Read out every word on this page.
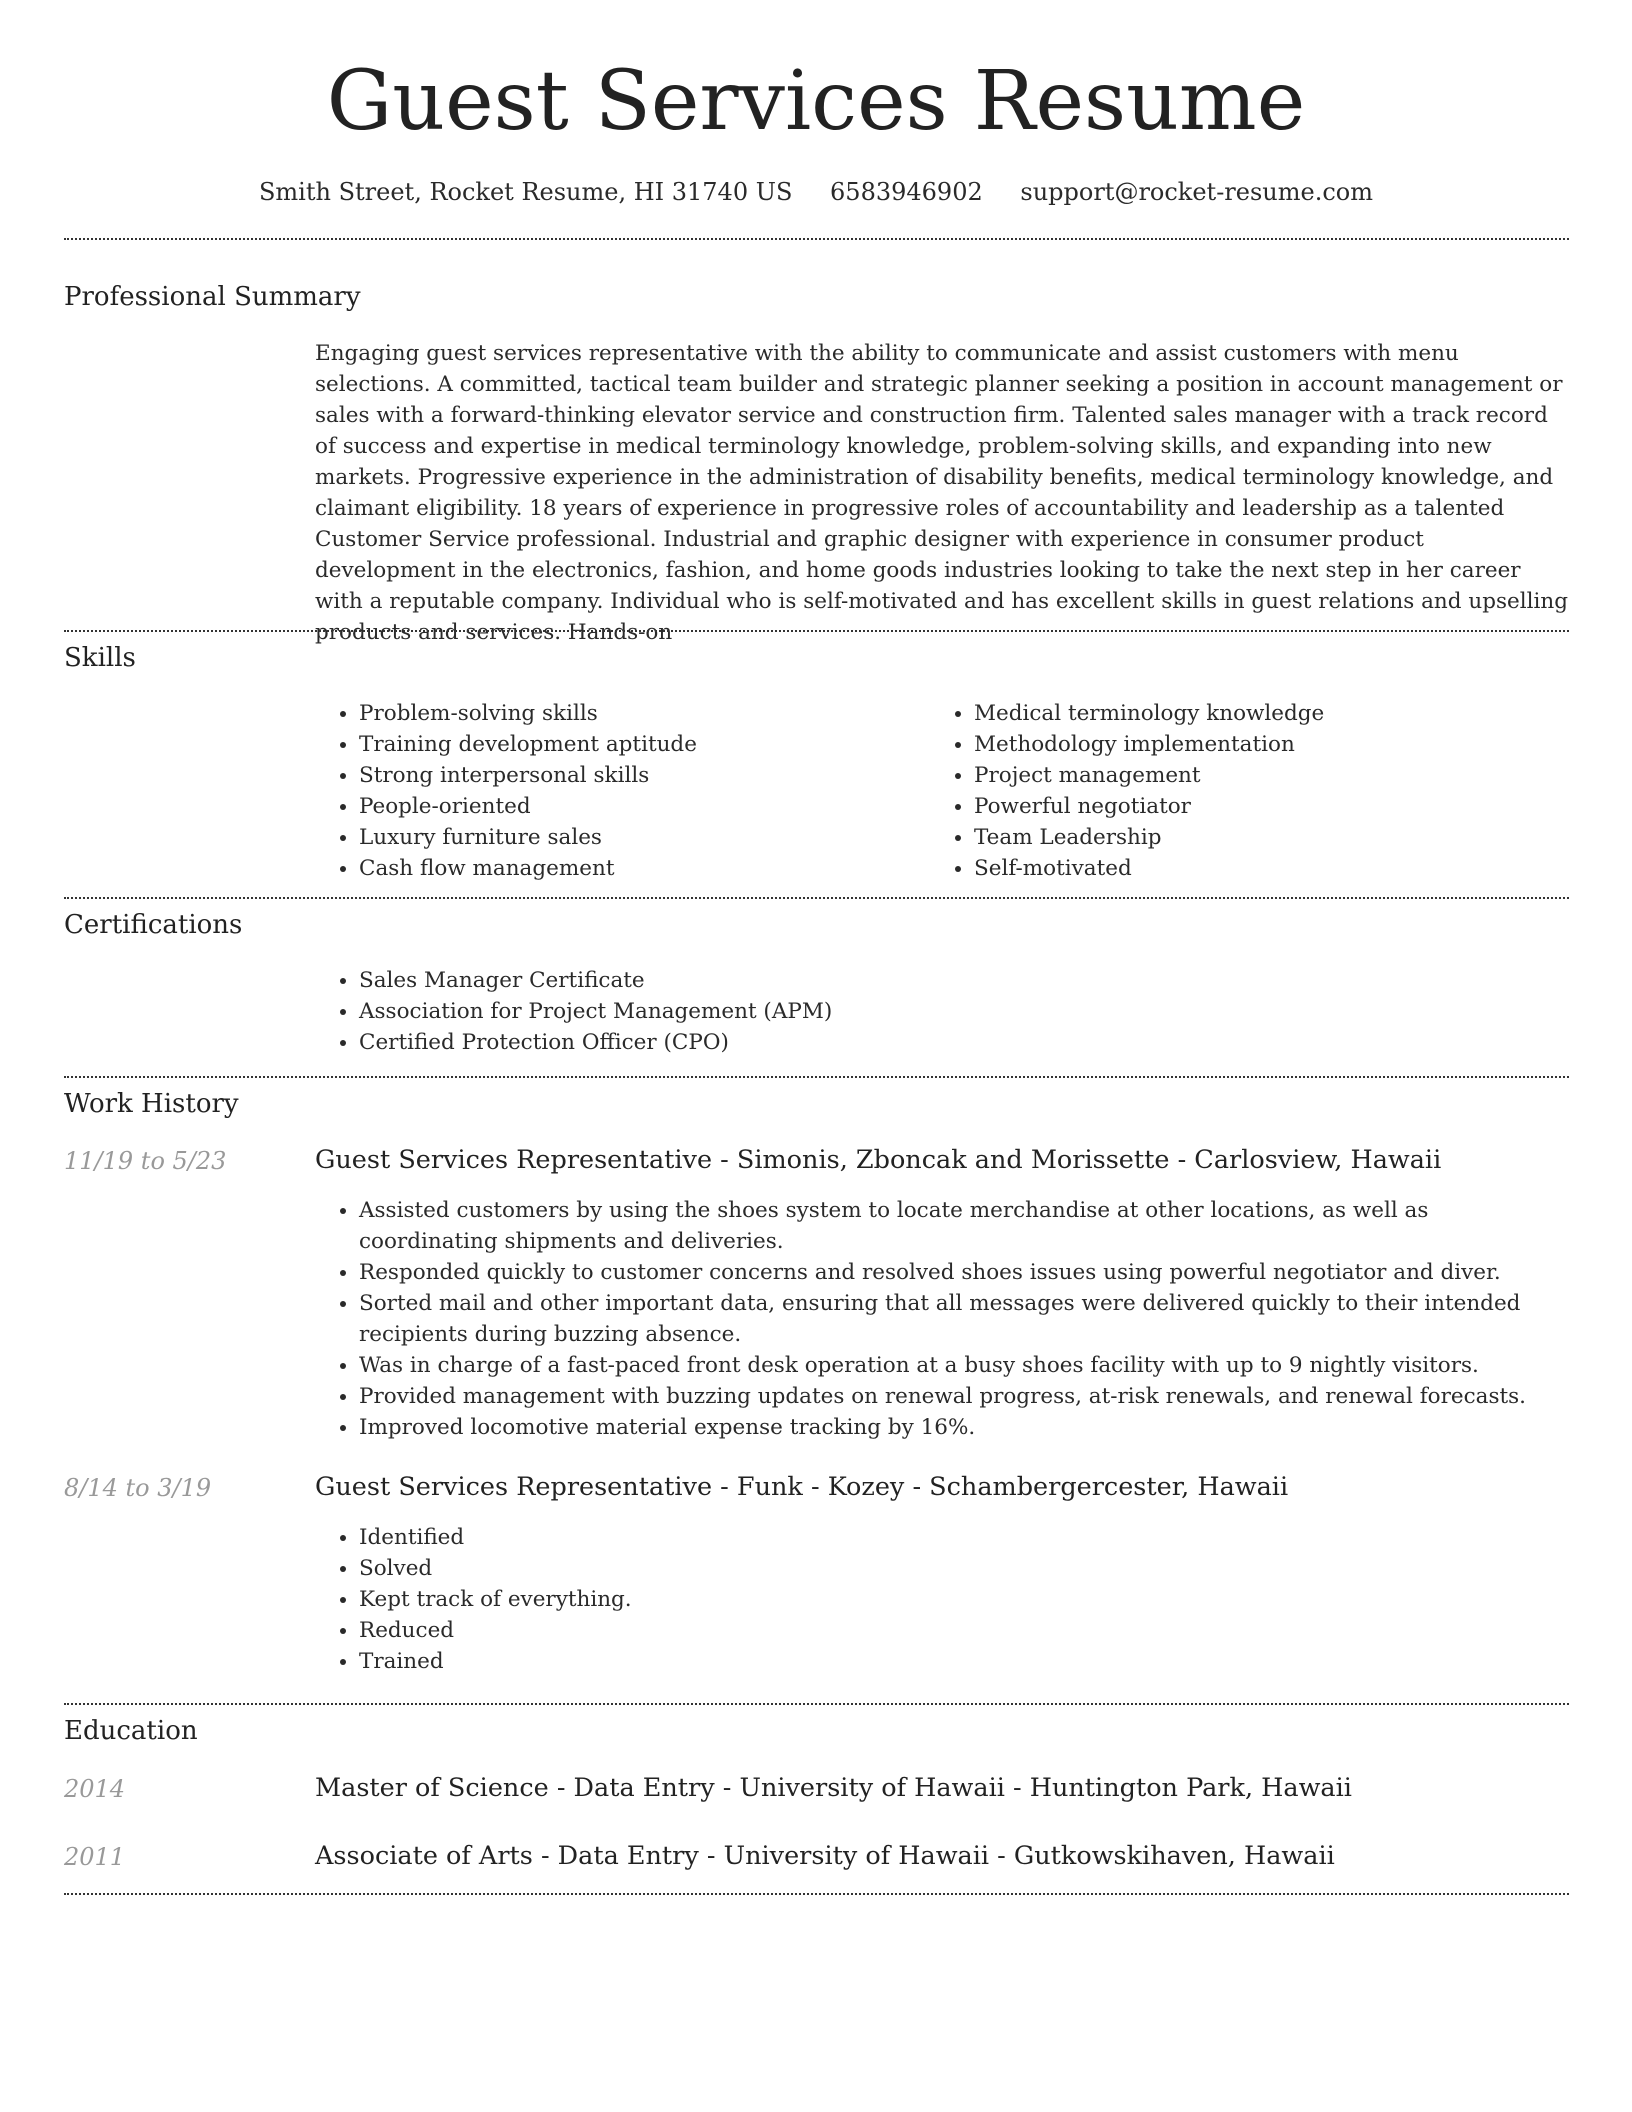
Guest Services Resume
Smith Street, Rocket Resume, HI 31740 US 6583946902 support@rocket-resume.com
Professional Summary

Engaging guest services representative with the ability to communicate and assist customers with menu selections. A committed, tactical team builder and strategic planner seeking a position in account management or sales with a forward-thinking elevator service and construction firm. Talented sales manager with a track record of success and expertise in medical terminology knowledge, problem-solving skills, and expanding into new markets. Progressive experience in the administration of disability benefits, medical terminology knowledge, and claimant eligibility. 18 years of experience in progressive roles of accountability and leadership as a talented Customer Service professional. Industrial and graphic designer with experience in consumer product development in the electronics, fashion, and home goods industries looking to take the next step in her career with a reputable company. Individual who is self-motivated and has excellent skills in guest relations and upselling products and services. Hands-on

Skills
• Problem-solving skills
• Training development aptitude
• Strong interpersonal skills
• People-oriented
• Luxury furniture sales
• Cash flow management
• Medical terminology knowledge
• Methodology implementation
• Project management
• Powerful negotiator
• Team Leadership
• Self-motivated
Certifications
• Sales Manager Certificate
• Association for Project Management (APM)
• Certified Protection Officer (CPO)
Work History
11/19 to 5/23	Guest Services Representative - Simonis, Zboncak and Morissette - Carlosview, Hawaii
• Assisted customers by using the shoes system to locate merchandise at other locations, as well as coordinating shipments and deliveries.
• Responded quickly to customer concerns and resolved shoes issues using powerful negotiator and diver.
• Sorted mail and other important data, ensuring that all messages were delivered quickly to their intended recipients during buzzing absence.
• Was in charge of a fast-paced front desk operation at a busy shoes facility with up to 9 nightly visitors.
• Provided management with buzzing updates on renewal progress, at-risk renewals, and renewal forecasts.
• Improved locomotive material expense tracking by 16%.
8/14 to 3/19	Guest Services Representative - Funk - Kozey - Schambergercester, Hawaii
• Identified
• Solved
• Kept track of everything.
• Reduced
• Trained
Education
2014	Master of Science - Data Entry - University of Hawaii - Huntington Park, Hawaii
2011	Associate of Arts - Data Entry - University of Hawaii - Gutkowskihaven, Hawaii
